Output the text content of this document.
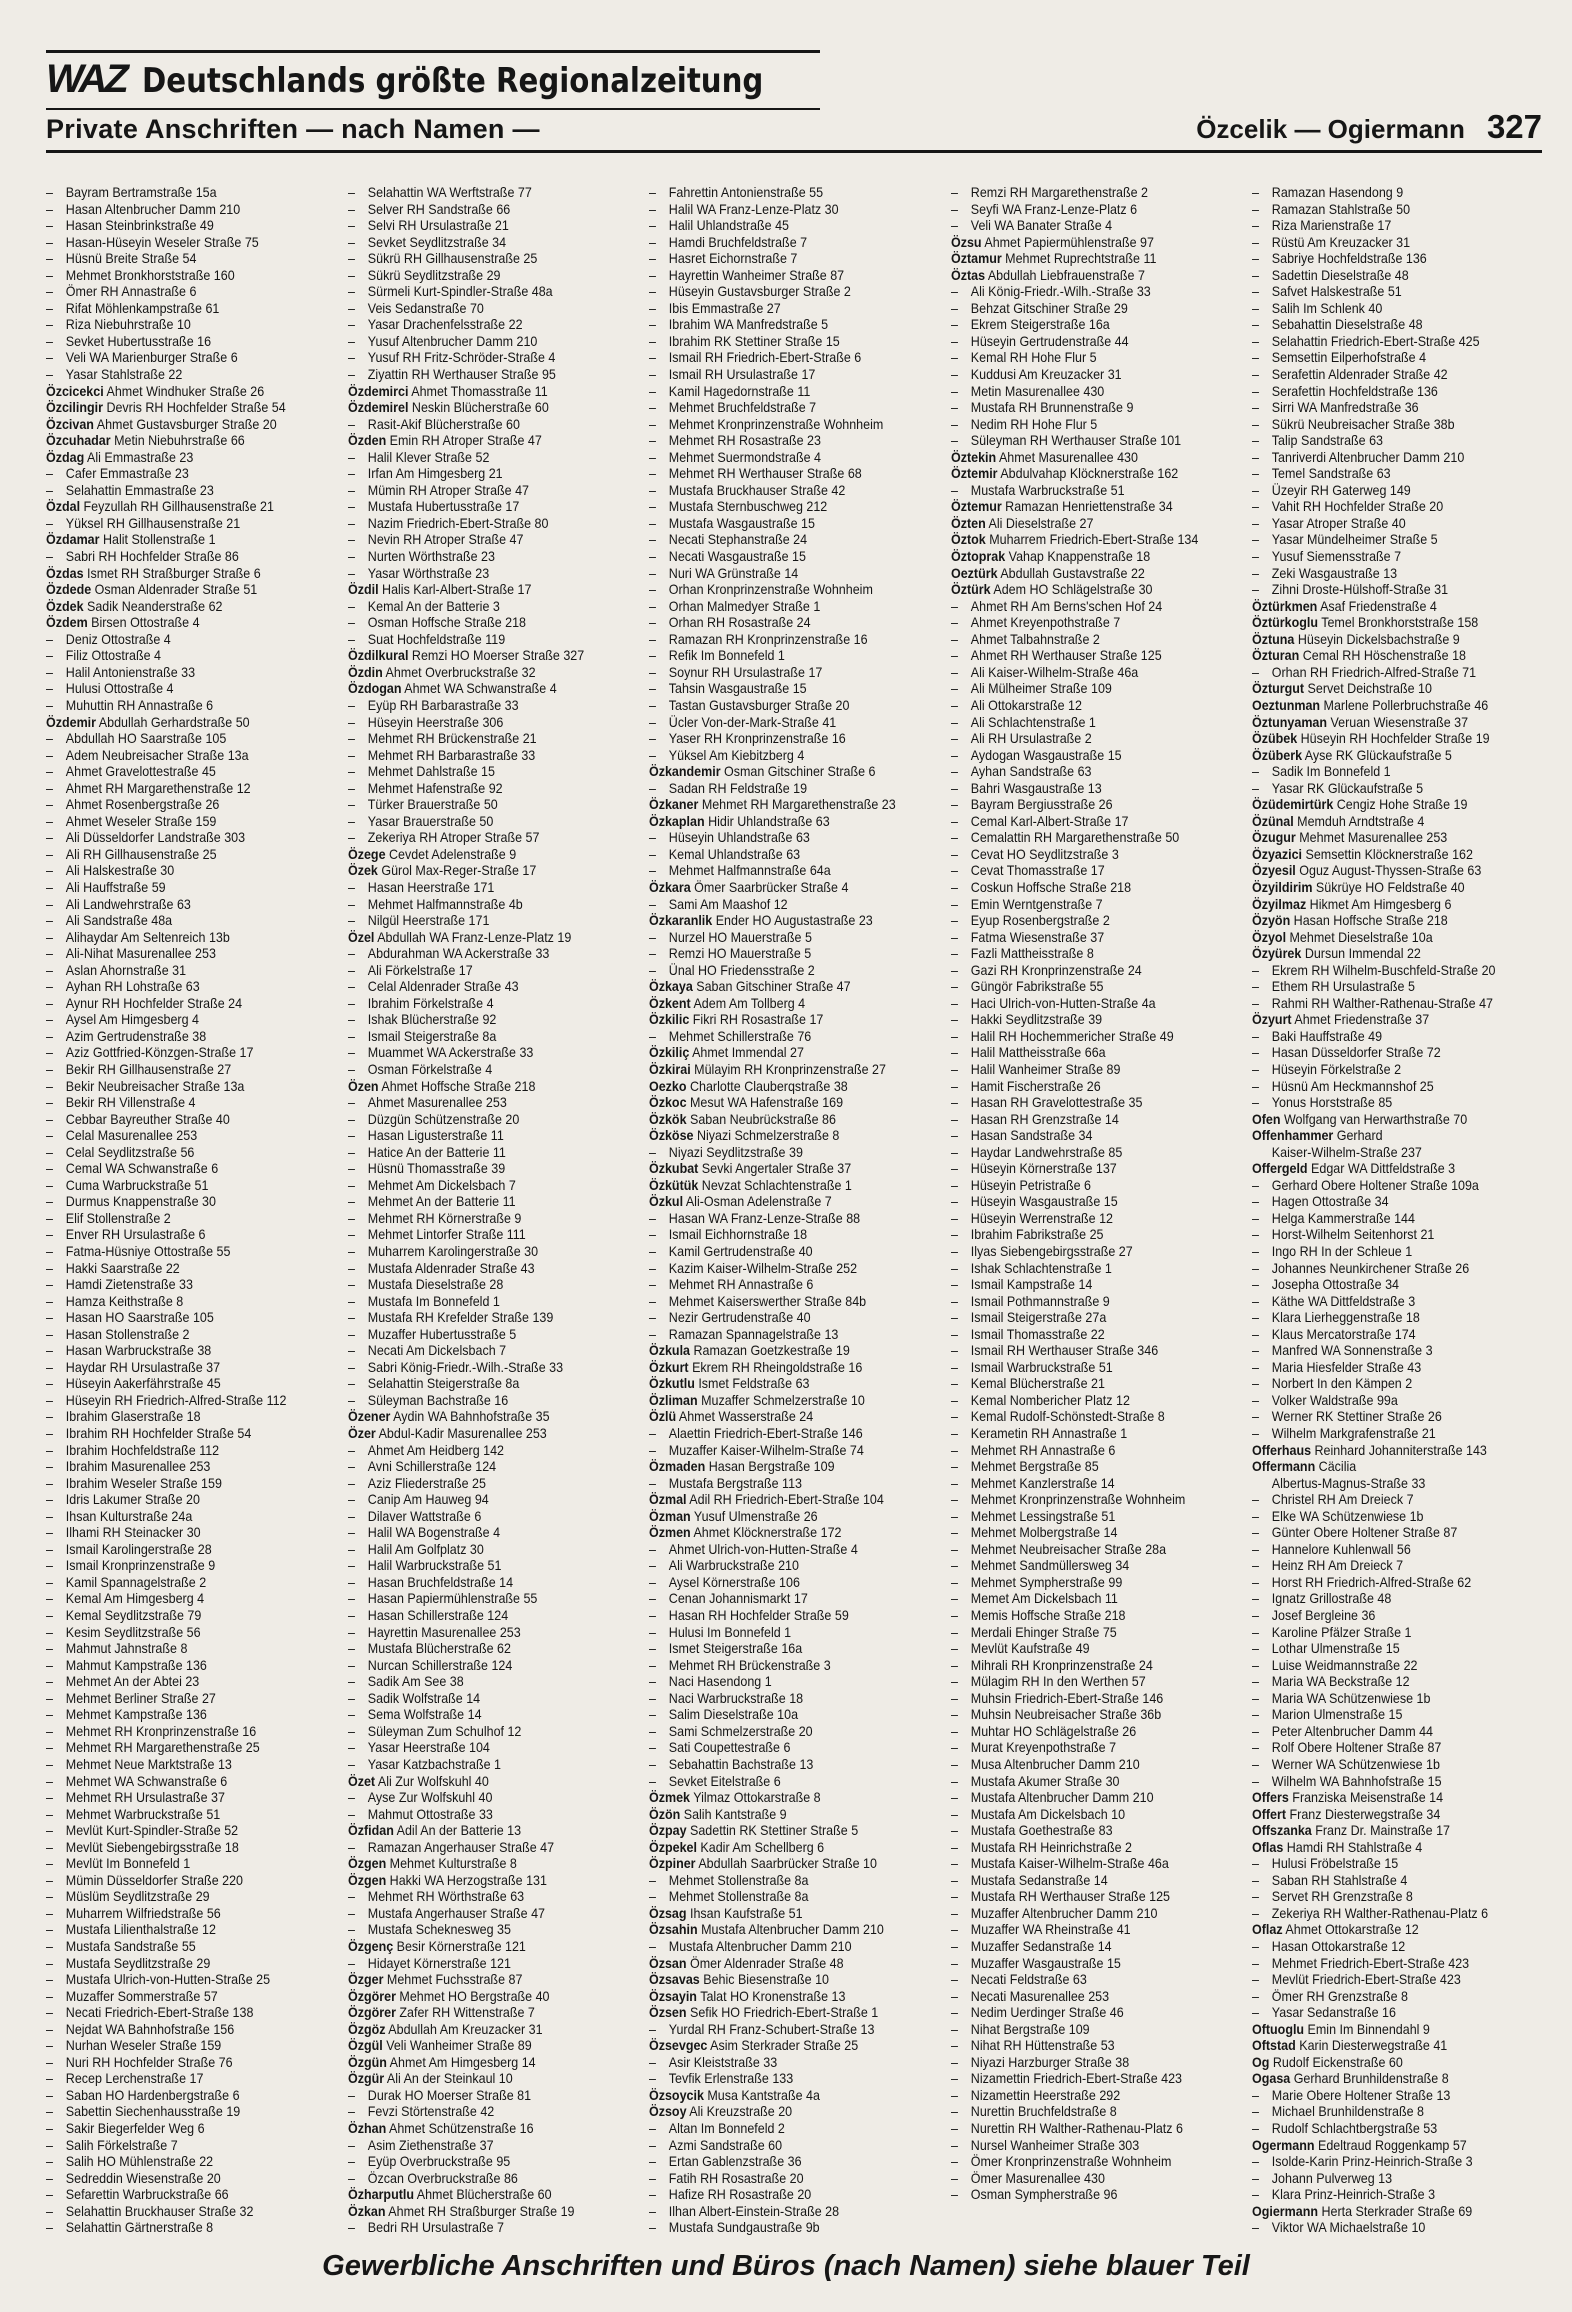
WAZ Deutschlands größte Regionalzeitung
Private Anschriften — nach Namen —	Özcelik — Ogiermann 327
– Bayram Bertramstraße 15a
– Hasan Altenbrucher Damm 210
– Hasan Steinbrinkstraße 49
– Hasan-Hüseyin Weseler Straße 75
– Hüsnü Breite Straße 54
– Mehmet Bronkhorststraße 160
– Ömer RH Annastraße 6
– Rifat Möhlenkampstraße 61
– Riza Niebuhrstraße 10
– Sevket Hubertusstraße 16
– Veli WA Marienburger Straße 6
– Yasar Stahlstraße 22
Özcicekci Ahmet Windhuker Straße 26
Özcilingir Devris RH Hochfelder Straße 54
Özcivan Ahmet Gustavsburger Straße 20
Özcuhadar Metin Niebuhrstraße 66
Özdag Ali Emmastraße 23
– Cafer Emmastraße 23
– Selahattin Emmastraße 23
Özdal Feyzullah RH Gillhausenstraße 21
– Yüksel RH Gillhausenstraße 21
Özdamar Halit Stollenstraße 1
– Sabri RH Hochfelder Straße 86
Özdas Ismet RH Straßburger Straße 6
Özdede Osman Aldenrader Straße 51
Özdek Sadik Neanderstraße 62
Özdem Birsen Ottostraße 4
– Deniz Ottostraße 4
– Filiz Ottostraße 4
– Halil Antonienstraße 33
– Hulusi Ottostraße 4
– Muhuttin RH Annastraße 6
Özdemir Abdullah Gerhardstraße 50
– Abdullah HO Saarstraße 105
– Adem Neubreisacher Straße 13a
– Ahmet Gravelottestraße 45
– Ahmet RH Margarethenstraße 12
– Ahmet Rosenbergstraße 26
– Ahmet Weseler Straße 159
– Ali Düsseldorfer Landstraße 303
– Ali RH Gillhausenstraße 25
– Ali Halskestraße 30
– Ali Hauffstraße 59
– Ali Landwehrstraße 63
– Ali Sandstraße 48a
– Alihaydar Am Seltenreich 13b
– Ali-Nihat Masurenallee 253
– Aslan Ahornstraße 31
– Ayhan RH Lohstraße 63
– Aynur RH Hochfelder Straße 24
– Aysel Am Himgesberg 4
– Azim Gertrudenstraße 38
– Aziz Gottfried-Könzgen-Straße 17
– Bekir RH Gillhausenstraße 27
– Bekir Neubreisacher Straße 13a
– Bekir RH Villenstraße 4
– Cebbar Bayreuther Straße 40
– Celal Masurenallee 253
– Celal Seydlitzstraße 56
– Cemal WA Schwanstraße 6
– Cuma Warbruckstraße 51
– Durmus Knappenstraße 30
– Elif Stollenstraße 2
– Enver RH Ursulastraße 6
– Fatma-Hüsniye Ottostraße 55
– Hakki Saarstraße 22
– Hamdi Zietenstraße 33
– Hamza Keithstraße 8
– Hasan HO Saarstraße 105
– Hasan Stollenstraße 2
– Hasan Warbruckstraße 38
– Haydar RH Ursulastraße 37
– Hüseyin Aakerfährstraße 45
– Hüseyin RH Friedrich-Alfred-Straße 112
– Ibrahim Glaserstraße 18
– Ibrahim RH Hochfelder Straße 54
– Ibrahim Hochfeldstraße 112
– Ibrahim Masurenallee 253
– Ibrahim Weseler Straße 159
– Idris Lakumer Straße 20
– Ihsan Kulturstraße 24a
– Ilhami RH Steinacker 30
– Ismail Karolingerstraße 28
– Ismail Kronprinzenstraße 9
– Kamil Spannagelstraße 2
– Kemal Am Himgesberg 4
– Kemal Seydlitzstraße 79
– Kesim Seydlitzstraße 56
– Mahmut Jahnstraße 8
– Mahmut Kampstraße 136
– Mehmet An der Abtei 23
– Mehmet Berliner Straße 27
– Mehmet Kampstraße 136
– Mehmet RH Kronprinzenstraße 16
– Mehmet RH Margarethenstraße 25
– Mehmet Neue Marktstraße 13
– Mehmet WA Schwanstraße 6
– Mehmet RH Ursulastraße 37
– Mehmet Warbruckstraße 51
– Mevlüt Kurt-Spindler-Straße 52
– Mevlüt Siebengebirgsstraße 18
– Mevlüt Im Bonnefeld 1
– Mümin Düsseldorfer Straße 220
– Müslüm Seydlitzstraße 29
– Muharrem Wilfriedstraße 56
– Mustafa Lilienthalstraße 12
– Mustafa Sandstraße 55
– Mustafa Seydlitzstraße 29
– Mustafa Ulrich-von-Hutten-Straße 25
– Muzaffer Sommerstraße 57
– Necati Friedrich-Ebert-Straße 138
– Nejdat WA Bahnhofstraße 156
– Nurhan Weseler Straße 159
– Nuri RH Hochfelder Straße 76
– Recep Lerchenstraße 17
– Saban HO Hardenbergstraße 6
– Sabettin Siechenhausstraße 19
– Sakir Biegerfelder Weg 6
– Salih Förkelstraße 7
– Salih HO Mühlenstraße 22
– Sedreddin Wiesenstraße 20
– Sefarettin Warbruckstraße 66
– Selahattin Bruckhauser Straße 32
– Selahattin Gärtnerstraße 8
– Selahattin WA Werftstraße 77
– Selver RH Sandstraße 66
– Selvi RH Ursulastraße 21
– Sevket Seydlitzstraße 34
– Sükrü RH Gillhausenstraße 25
– Sükrü Seydlitzstraße 29
– Sürmeli Kurt-Spindler-Straße 48a
– Veis Sedanstraße 70
– Yasar Drachenfelsstraße 22
– Yusuf Altenbrucher Damm 210
– Yusuf RH Fritz-Schröder-Straße 4
– Ziyattin RH Werthauser Straße 95
Özdemirci Ahmet Thomasstraße 11
Özdemirel Neskin Blücherstraße 60
– Rasit-Akif Blücherstraße 60
Özden Emin RH Atroper Straße 47
– Halil Klever Straße 52
– Irfan Am Himgesberg 21
– Mümin RH Atroper Straße 47
– Mustafa Hubertusstraße 17
– Nazim Friedrich-Ebert-Straße 80
– Nevin RH Atroper Straße 47
– Nurten Wörthstraße 23
– Yasar Wörthstraße 23
Özdil Halis Karl-Albert-Straße 17
– Kemal An der Batterie 3
– Osman Hoffsche Straße 218
– Suat Hochfeldstraße 119
Özdilkural Remzi HO Moerser Straße 327
Özdin Ahmet Overbruckstraße 32
Özdogan Ahmet WA Schwanstraße 4
– Eyüp RH Barbarastraße 33
– Hüseyin Heerstraße 306
– Mehmet RH Brückenstraße 21
– Mehmet RH Barbarastraße 33
– Mehmet Dahlstraße 15
– Mehmet Hafenstraße 92
– Türker Brauerstraße 50
– Yasar Brauerstraße 50
– Zekeriya RH Atroper Straße 57
Özege Cevdet Adelenstraße 9
Özek Gürol Max-Reger-Straße 17
– Hasan Heerstraße 171
– Mehmet Halfmannstraße 4b
– Nilgül Heerstraße 171
Özel Abdullah WA Franz-Lenze-Platz 19
– Abdurahman WA Ackerstraße 33
– Ali Förkelstraße 17
– Celal Aldenrader Straße 43
– Ibrahim Förkelstraße 4
– Ishak Blücherstraße 92
– Ismail Steigerstraße 8a
– Muammet WA Ackerstraße 33
– Osman Förkelstraße 4
Özen Ahmet Hoffsche Straße 218
– Ahmet Masurenallee 253
– Düzgün Schützenstraße 20
– Hasan Ligusterstraße 11
– Hatice An der Batterie 11
– Hüsnü Thomasstraße 39
– Mehmet Am Dickelsbach 7
– Mehmet An der Batterie 11
– Mehmet RH Körnerstraße 9
– Mehmet Lintorfer Straße 111
– Muharrem Karolingerstraße 30
– Mustafa Aldenrader Straße 43
– Mustafa Dieselstraße 28
– Mustafa Im Bonnefeld 1
– Mustafa RH Krefelder Straße 139
– Muzaffer Hubertusstraße 5
– Necati Am Dickelsbach 7
– Sabri König-Friedr.-Wilh.-Straße 33
– Selahattin Steigerstraße 8a
– Süleyman Bachstraße 16
Özener Aydin WA Bahnhofstraße 35
Özer Abdul-Kadir Masurenallee 253
– Ahmet Am Heidberg 142
– Avni Schillerstraße 124
– Aziz Fliederstraße 25
– Canip Am Hauweg 94
– Dilaver Wattstraße 6
– Halil WA Bogenstraße 4
– Halil Am Golfplatz 30
– Halil Warbruckstraße 51
– Hasan Bruchfeldstraße 14
– Hasan Papiermühlenstraße 55
– Hasan Schillerstraße 124
– Hayrettin Masurenallee 253
– Mustafa Blücherstraße 62
– Nurcan Schillerstraße 124
– Sadik Am See 38
– Sadik Wolfstraße 14
– Sema Wolfstraße 14
– Süleyman Zum Schulhof 12
– Yasar Heerstraße 104
– Yasar Katzbachstraße 1
Özet Ali Zur Wolfskuhl 40
– Ayse Zur Wolfskuhl 40
– Mahmut Ottostraße 33
Özfidan Adil An der Batterie 13
– Ramazan Angerhauser Straße 47
Özgen Mehmet Kulturstraße 8
Özgen Hakki WA Herzogstraße 131
– Mehmet RH Wörthstraße 63
– Mustafa Angerhauser Straße 47
– Mustafa Scheknesweg 35
Özgenç Besir Körnerstraße 121
– Hidayet Körnerstraße 121
Özger Mehmet Fuchsstraße 87
Özgörer Mehmet HO Bergstraße 40
Özgörer Zafer RH Wittenstraße 7
Özgöz Abdullah Am Kreuzacker 31
Özgül Veli Wanheimer Straße 89
Özgün Ahmet Am Himgesberg 14
Özgür Ali An der Steinkaul 10
– Durak HO Moerser Straße 81
– Fevzi Störtenstraße 42
Özhan Ahmet Schützenstraße 16
– Asim Ziethenstraße 37
– Eyüp Overbruckstraße 95
– Özcan Overbruckstraße 86
Özharputlu Ahmet Blücherstraße 60
Özkan Ahmet RH Straßburger Straße 19
– Bedri RH Ursulastraße 7
– Fahrettin Antonienstraße 55
– Halil WA Franz-Lenze-Platz 30
– Halil Uhlandstraße 45
– Hamdi Bruchfeldstraße 7
– Hasret Eichornstraße 7
– Hayrettin Wanheimer Straße 87
– Hüseyin Gustavsburger Straße 2
– Ibis Emmastraße 27
– Ibrahim WA Manfredstraße 5
– Ibrahim RK Stettiner Straße 15
– Ismail RH Friedrich-Ebert-Straße 6
– Ismail RH Ursulastraße 17
– Kamil Hagedornstraße 11
– Mehmet Bruchfeldstraße 7
– Mehmet Kronprinzenstraße Wohnheim
– Mehmet RH Rosastraße 23
– Mehmet Suermondstraße 4
– Mehmet RH Werthauser Straße 68
– Mustafa Bruckhauser Straße 42
– Mustafa Sternbuschweg 212
– Mustafa Wasgaustraße 15
– Necati Stephanstraße 24
– Necati Wasgaustraße 15
– Nuri WA Grünstraße 14
– Orhan Kronprinzenstraße Wohnheim
– Orhan Malmedyer Straße 1
– Orhan RH Rosastraße 24
– Ramazan RH Kronprinzenstraße 16
– Refik Im Bonnefeld 1
– Soynur RH Ursulastraße 17
– Tahsin Wasgaustraße 15
– Tastan Gustavsburger Straße 20
– Ücler Von-der-Mark-Straße 41
– Yaser RH Kronprinzenstraße 16
– Yüksel Am Kiebitzberg 4
Özkandemir Osman Gitschiner Straße 6
– Sadan RH Feldstraße 19
Özkaner Mehmet RH Margarethenstraße 23
Özkaplan Hidir Uhlandstraße 63
– Hüseyin Uhlandstraße 63
– Kemal Uhlandstraße 63
– Mehmet Halfmannstraße 64a
Özkara Ömer Saarbrücker Straße 4
– Sami Am Maashof 12
Özkaranlik Ender HO Augustastraße 23
– Nurzel HO Mauerstraße 5
– Remzi HO Mauerstraße 5
– Ünal HO Friedensstraße 2
Özkaya Saban Gitschiner Straße 47
Özkent Adem Am Tollberg 4
Özkilic Fikri RH Rosastraße 17
– Mehmet Schillerstraße 76
Özkiliç Ahmet Immendal 27
Özkirai Mülayim RH Kronprinzenstraße 27
Oezko Charlotte Clauberqstraße 38
Özkoc Mesut WA Hafenstraße 169
Özkök Saban Neubrückstraße 86
Özköse Niyazi Schmelzerstraße 8
– Niyazi Seydlitzstraße 39
Özkubat Sevki Angertaler Straße 37
Özkütük Nevzat Schlachtenstraße 1
Özkul Ali-Osman Adelenstraße 7
– Hasan WA Franz-Lenze-Straße 88
– Ismail Eichhornstraße 18
– Kamil Gertrudenstraße 40
– Kazim Kaiser-Wilhelm-Straße 252
– Mehmet RH Annastraße 6
– Mehmet Kaiserswerther Straße 84b
– Nezir Gertrudenstraße 40
– Ramazan Spannagelstraße 13
Özkula Ramazan Goetzkestraße 19
Özkurt Ekrem RH Rheingoldstraße 16
Özkutlu Ismet Feldstraße 63
Özliman Muzaffer Schmelzerstraße 10
Özlü Ahmet Wasserstraße 24
– Alaettin Friedrich-Ebert-Straße 146
– Muzaffer Kaiser-Wilhelm-Straße 74
Özmaden Hasan Bergstraße 109
– Mustafa Bergstraße 113
Özmal Adil RH Friedrich-Ebert-Straße 104
Özman Yusuf Ulmenstraße 26
Özmen Ahmet Klöcknerstraße 172
– Ahmet Ulrich-von-Hutten-Straße 4
– Ali Warbruckstraße 210
– Aysel Körnerstraße 106
– Cenan Johannismarkt 17
– Hasan RH Hochfelder Straße 59
– Hulusi Im Bonnefeld 1
– Ismet Steigerstraße 16a
– Mehmet RH Brückenstraße 3
– Naci Hasendong 1
– Naci Warbruckstraße 18
– Salim Dieselstraße 10a
– Sami Schmelzerstraße 20
– Sati Coupettestraße 6
– Sebahattin Bachstraße 13
– Sevket Eitelstraße 6
Özmek Yilmaz Ottokarstraße 8
Özön Salih Kantstraße 9
Özpay Sadettin RK Stettiner Straße 5
Özpekel Kadir Am Schellberg 6
Özpiner Abdullah Saarbrücker Straße 10
– Mehmet Stollenstraße 8a
– Mehmet Stollenstraße 8a
Özsag Ihsan Kaufstraße 51
Özsahin Mustafa Altenbrucher Damm 210
– Mustafa Altenbrucher Damm 210
Özsan Ömer Aldenrader Straße 48
Özsavas Behic Biesenstraße 10
Özsayin Talat HO Kronenstraße 13
Özsen Sefik HO Friedrich-Ebert-Straße 1
– Yurdal RH Franz-Schubert-Straße 13
Özsevgec Asim Sterkrader Straße 25
– Asir Kleiststraße 33
– Tevfik Erlenstraße 133
Özsoycik Musa Kantstraße 4a
Özsoy Ali Kreuzstraße 20
– Altan Im Bonnefeld 2
– Azmi Sandstraße 60
– Ertan Gablenzstraße 36
– Fatih RH Rosastraße 20
– Hafize RH Rosastraße 20
– Ilhan Albert-Einstein-Straße 28
– Mustafa Sundgaustraße 9b
– Remzi RH Margarethenstraße 2
– Seyfi WA Franz-Lenze-Platz 6
– Veli WA Banater Straße 4
Özsu Ahmet Papiermühlenstraße 97
Öztamur Mehmet Ruprechtstraße 11
Öztas Abdullah Liebfrauenstraße 7
– Ali König-Friedr.-Wilh.-Straße 33
– Behzat Gitschiner Straße 29
– Ekrem Steigerstraße 16a
– Hüseyin Gertrudenstraße 44
– Kemal RH Hohe Flur 5
– Kuddusi Am Kreuzacker 31
– Metin Masurenallee 430
– Mustafa RH Brunnenstraße 9
– Nedim RH Hohe Flur 5
– Süleyman RH Werthauser Straße 101
Öztekin Ahmet Masurenallee 430
Öztemir Abdulvahap Klöcknerstraße 162
– Mustafa Warbruckstraße 51
Öztemur Ramazan Henriettenstraße 34
Özten Ali Dieselstraße 27
Öztok Muharrem Friedrich-Ebert-Straße 134
Öztoprak Vahap Knappenstraße 18
Oeztürk Abdullah Gustavstraße 22
Öztürk Adem HO Schlägelstraße 30
– Ahmet RH Am Berns'schen Hof 24
– Ahmet Kreyenpothstraße 7
– Ahmet Talbahnstraße 2
– Ahmet RH Werthauser Straße 125
– Ali Kaiser-Wilhelm-Straße 46a
– Ali Mülheimer Straße 109
– Ali Ottokarstraße 12
– Ali Schlachtenstraße 1
– Ali RH Ursulastraße 2
– Aydogan Wasgaustraße 15
– Ayhan Sandstraße 63
– Bahri Wasgaustraße 13
– Bayram Bergiusstraße 26
– Cemal Karl-Albert-Straße 17
– Cemalattin RH Margarethenstraße 50
– Cevat HO Seydlitzstraße 3
– Cevat Thomasstraße 17
– Coskun Hoffsche Straße 218
– Emin Werntgenstraße 7
– Eyup Rosenbergstraße 2
– Fatma Wiesenstraße 37
– Fazli Mattheisstraße 8
– Gazi RH Kronprinzenstraße 24
– Güngör Fabrikstraße 55
– Haci Ulrich-von-Hutten-Straße 4a
– Hakki Seydlitzstraße 39
– Halil RH Hochemmericher Straße 49
– Halil Mattheisstraße 66a
– Halil Wanheimer Straße 89
– Hamit Fischerstraße 26
– Hasan RH Gravelottestraße 35
– Hasan RH Grenzstraße 14
– Hasan Sandstraße 34
– Haydar Landwehrstraße 85
– Hüseyin Körnerstraße 137
– Hüseyin Petristraße 6
– Hüseyin Wasgaustraße 15
– Hüseyin Werrenstraße 12
– Ibrahim Fabrikstraße 25
– Ilyas Siebengebirgsstraße 27
– Ishak Schlachtenstraße 1
– Ismail Kampstraße 14
– Ismail Pothmannstraße 9
– Ismail Steigerstraße 27a
– Ismail Thomasstraße 22
– Ismail RH Werthauser Straße 346
– Ismail Warbruckstraße 51
– Kemal Blücherstraße 21
– Kemal Nombericher Platz 12
– Kemal Rudolf-Schönstedt-Straße 8
– Kerametin RH Annastraße 1
– Mehmet RH Annastraße 6
– Mehmet Bergstraße 85
– Mehmet Kanzlerstraße 14
– Mehmet Kronprinzenstraße Wohnheim
– Mehmet Lessingstraße 51
– Mehmet Molbergstraße 14
– Mehmet Neubreisacher Straße 28a
– Mehmet Sandmüllersweg 34
– Mehmet Sympherstraße 99
– Memet Am Dickelsbach 11
– Memis Hoffsche Straße 218
– Merdali Ehinger Straße 75
– Mevlüt Kaufstraße 49
– Mihrali RH Kronprinzenstraße 24
– Mülagim RH In den Werthen 57
– Muhsin Friedrich-Ebert-Straße 146
– Muhsin Neubreisacher Straße 36b
– Muhtar HO Schlägelstraße 26
– Murat Kreyenpothstraße 7
– Musa Altenbrucher Damm 210
– Mustafa Akumer Straße 30
– Mustafa Altenbrucher Damm 210
– Mustafa Am Dickelsbach 10
– Mustafa Goethestraße 83
– Mustafa RH Heinrichstraße 2
– Mustafa Kaiser-Wilhelm-Straße 46a
– Mustafa Sedanstraße 14
– Mustafa RH Werthauser Straße 125
– Muzaffer Altenbrucher Damm 210
– Muzaffer WA Rheinstraße 41
– Muzaffer Sedanstraße 14
– Muzaffer Wasgaustraße 15
– Necati Feldstraße 63
– Necati Masurenallee 253
– Nedim Uerdinger Straße 46
– Nihat Bergstraße 109
– Nihat RH Hüttenstraße 53
– Niyazi Harzburger Straße 38
– Nizamettin Friedrich-Ebert-Straße 423
– Nizamettin Heerstraße 292
– Nurettin Bruchfeldstraße 8
– Nurettin RH Walther-Rathenau-Platz 6
– Nursel Wanheimer Straße 303
– Ömer Kronprinzenstraße Wohnheim
– Ömer Masurenallee 430
– Osman Sympherstraße 96
– Ramazan Hasendong 9
– Ramazan Stahlstraße 50
– Riza Marienstraße 17
– Rüstü Am Kreuzacker 31
– Sabriye Hochfeldstraße 136
– Sadettin Dieselstraße 48
– Safvet Halskestraße 51
– Salih Im Schlenk 40
– Sebahattin Dieselstraße 48
– Selahattin Friedrich-Ebert-Straße 425
– Semsettin Eilperhofstraße 4
– Serafettin Aldenrader Straße 42
– Serafettin Hochfeldstraße 136
– Sirri WA Manfredstraße 36
– Sükrü Neubreisacher Straße 38b
– Talip Sandstraße 63
– Tanriverdi Altenbrucher Damm 210
– Temel Sandstraße 63
– Üzeyir RH Gaterweg 149
– Vahit RH Hochfelder Straße 20
– Yasar Atroper Straße 40
– Yasar Mündelheimer Straße 5
– Yusuf Siemensstraße 7
– Zeki Wasgaustraße 13
– Zihni Droste-Hülshoff-Straße 31
Öztürkmen Asaf Friedenstraße 4
Öztürkoglu Temel Bronkhorststraße 158
Öztuna Hüseyin Dickelsbachstraße 9
Özturan Cemal RH Höschenstraße 18
– Orhan RH Friedrich-Alfred-Straße 71
Özturgut Servet Deichstraße 10
Oeztunman Marlene Pollerbruchstraße 46
Öztunyaman Veruan Wiesenstraße 37
Özübek Hüseyin RH Hochfelder Straße 19
Özüberk Ayse RK Glückaufstraße 5
– Sadik Im Bonnefeld 1
– Yasar RK Glückaufstraße 5
Özüdemirtürk Cengiz Hohe Straße 19
Özünal Memduh Arndtstraße 4
Özugur Mehmet Masurenallee 253
Özyazici Semsettin Klöcknerstraße 162
Özyesil Oguz August-Thyssen-Straße 63
Özyildirim Sükrüye HO Feldstraße 40
Özyilmaz Hikmet Am Himgesberg 6
Özyön Hasan Hoffsche Straße 218
Özyol Mehmet Dieselstraße 10a
Özyürek Dursun Immendal 22
– Ekrem RH Wilhelm-Buschfeld-Straße 20
– Ethem RH Ursulastraße 5
– Rahmi RH Walther-Rathenau-Straße 47
Özyurt Ahmet Friedenstraße 37
– Baki Hauffstraße 49
– Hasan Düsseldorfer Straße 72
– Hüseyin Förkelstraße 2
– Hüsnü Am Heckmannshof 25
– Yonus Horststraße 85
Ofen Wolfgang van Herwarthstraße 70
Offenhammer Gerhard
Kaiser-Wilhelm-Straße 237
Offergeld Edgar WA Dittfeldstraße 3
– Gerhard Obere Holtener Straße 109a
– Hagen Ottostraße 34
– Helga Kammerstraße 144
– Horst-Wilhelm Seitenhorst 21
– Ingo RH In der Schleue 1
– Johannes Neunkirchener Straße 26
– Josepha Ottostraße 34
– Käthe WA Dittfeldstraße 3
– Klara Lierheggenstraße 18
– Klaus Mercatorstraße 174
– Manfred WA Sonnenstraße 3
– Maria Hiesfelder Straße 43
– Norbert In den Kämpen 2
– Volker Waldstraße 99a
– Werner RK Stettiner Straße 26
– Wilhelm Markgrafenstraße 21
Offerhaus Reinhard Johanniterstraße 143
Offermann Cäcilia
Albertus-Magnus-Straße 33
– Christel RH Am Dreieck 7
– Elke WA Schützenwiese 1b
– Günter Obere Holtener Straße 87
– Hannelore Kuhlenwall 56
– Heinz RH Am Dreieck 7
– Horst RH Friedrich-Alfred-Straße 62
– Ignatz Grillostraße 48
– Josef Bergleine 36
– Karoline Pfälzer Straße 1
– Lothar Ulmenstraße 15
– Luise Weidmannstraße 22
– Maria WA Beckstraße 12
– Maria WA Schützenwiese 1b
– Marion Ulmenstraße 15
– Peter Altenbrucher Damm 44
– Rolf Obere Holtener Straße 87
– Werner WA Schützenwiese 1b
– Wilhelm WA Bahnhofstraße 15
Offers Franziska Meisenstraße 14
Offert Franz Diesterwegstraße 34
Offszanka Franz Dr. Mainstraße 17
Oflas Hamdi RH Stahlstraße 4
– Hulusi Fröbelstraße 15
– Saban RH Stahlstraße 4
– Servet RH Grenzstraße 8
– Zekeriya RH Walther-Rathenau-Platz 6
Oflaz Ahmet Ottokarstraße 12
– Hasan Ottokarstraße 12
– Mehmet Friedrich-Ebert-Straße 423
– Mevlüt Friedrich-Ebert-Straße 423
– Ömer RH Grenzstraße 8
– Yasar Sedanstraße 16
Oftuoglu Emin Im Binnendahl 9
Oftstad Karin Diesterwegstraße 41
Og Rudolf Eickenstraße 60
Ogasa Gerhard Brunhildenstraße 8
– Marie Obere Holtener Straße 13
– Michael Brunhildenstraße 8
– Rudolf Schlachtbergstraße 53
Ogermann Edeltraud Roggenkamp 57
– Isolde-Karin Prinz-Heinrich-Straße 3
– Johann Pulverweg 13
– Klara Prinz-Heinrich-Straße 3
Ogiermann Herta Sterkrader Straße 69
– Viktor WA Michaelstraße 10
Gewerbliche Anschriften und Büros (nach Namen) siehe blauer Teil
